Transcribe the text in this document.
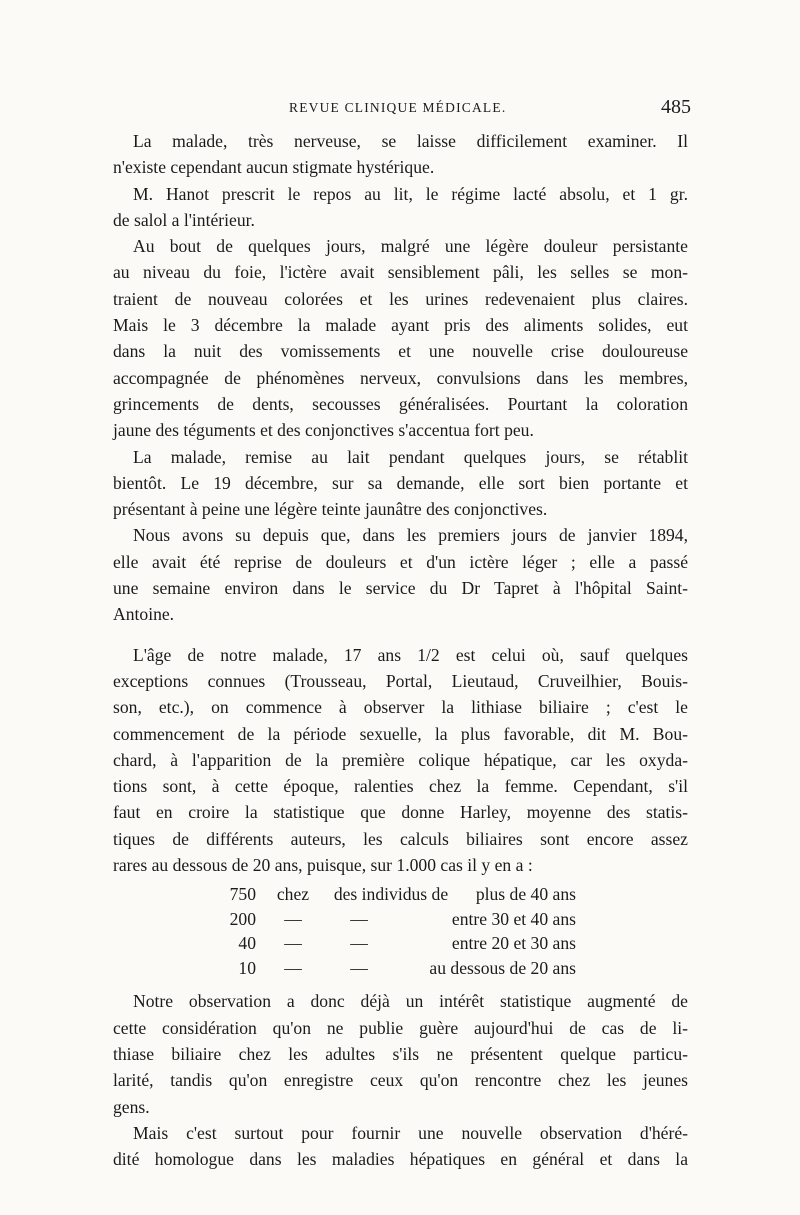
REVUE CLINIQUE MÉDICALE.	485
La malade, très nerveuse, se laisse difficilement examiner. Il
n'existe cependant aucun stigmate hystérique.
M. Hanot prescrit le repos au lit, le régime lacté absolu, et 1 gr.
de salol a l'intérieur.
Au bout de quelques jours, malgré une légère douleur persistante
au niveau du foie, l'ictère avait sensiblement pâli, les selles se mon-
traient de nouveau colorées et les urines redevenaient plus claires.
Mais le 3 décembre la malade ayant pris des aliments solides, eut
dans la nuit des vomissements et une nouvelle crise douloureuse
accompagnée de phénomènes nerveux, convulsions dans les membres,
grincements de dents, secousses généralisées. Pourtant la coloration
jaune des téguments et des conjonctives s'accentua fort peu.
La malade, remise au lait pendant quelques jours, se rétablit
bientôt. Le 19 décembre, sur sa demande, elle sort bien portante et
présentant à peine une légère teinte jaunâtre des conjonctives.
Nous avons su depuis que, dans les premiers jours de janvier 1894,
elle avait été reprise de douleurs et d'un ictère léger ; elle a passé
une semaine environ dans le service du Dr Tapret à l'hôpital Saint-
Antoine.
L'âge de notre malade, 17 ans 1/2 est celui où, sauf quelques
exceptions connues (Trousseau, Portal, Lieutaud, Cruveilhier, Bouis-
son, etc.), on commence à observer la lithiase biliaire ; c'est le
commencement de la période sexuelle, la plus favorable, dit M. Bou-
chard, à l'apparition de la première colique hépatique, car les oxyda-
tions sont, à cette époque, ralenties chez la femme. Cependant, s'il
faut en croire la statistique que donne Harley, moyenne des statis-
tiques de différents auteurs, les calculs biliaires sont encore assez
rares au dessous de 20 ans, puisque, sur 1.000 cas il y en a :
750	chez	des individus de	plus de 40 ans
200	—	—	entre 30 et 40 ans
40	—	—	entre 20 et 30 ans
10	—	—	au dessous de 20 ans
Notre observation a donc déjà un intérêt statistique augmenté de
cette considération qu'on ne publie guère aujourd'hui de cas de li-
thiase biliaire chez les adultes s'ils ne présentent quelque particu-
larité, tandis qu'on enregistre ceux qu'on rencontre chez les jeunes
gens.
Mais c'est surtout pour fournir une nouvelle observation d'héré-
dité homologue dans les maladies hépatiques en général et dans la
